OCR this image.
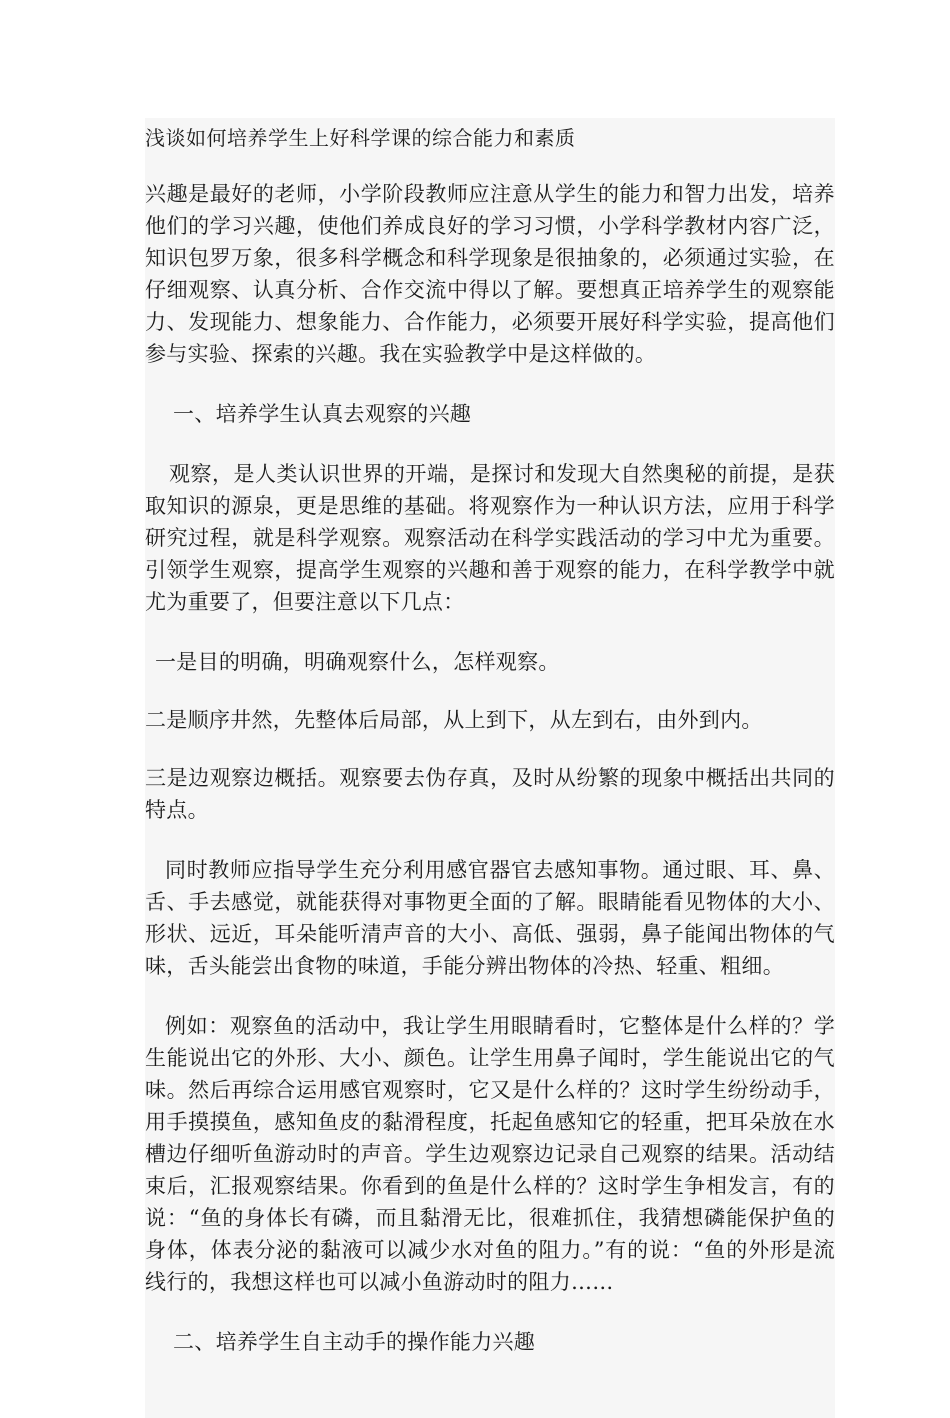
浅谈如何培养学生上好科学课的综合能力和素质
兴趣是最好的老师，小学阶段教师应注意从学生的能力和智力出发，培养他们的学习兴趣，使他们养成良好的学习习惯，小学科学教材内容广泛，知识包罗万象，很多科学概念和科学现象是很抽象的，必须通过实验，在仔细观察、认真分析、合作交流中得以了解。要想真正培养学生的观察能力、发现能力、想象能力、合作能力，必须要开展好科学实验，提高他们参与实验、探索的兴趣。我在实验教学中是这样做的。
一、培养学生认真去观察的兴趣
观察，是人类认识世界的开端，是探讨和发现大自然奥秘的前提，是获取知识的源泉，更是思维的基础。将观察作为一种认识方法，应用于科学研究过程，就是科学观察。观察活动在科学实践活动的学习中尤为重要。引领学生观察，提高学生观察的兴趣和善于观察的能力，在科学教学中就尤为重要了，但要注意以下几点：
一是目的明确，明确观察什么，怎样观察。
二是顺序井然，先整体后局部，从上到下，从左到右，由外到内。
三是边观察边概括。观察要去伪存真，及时从纷繁的现象中概括出共同的特点。
同时教师应指导学生充分利用感官器官去感知事物。通过眼、耳、鼻、舌、手去感觉，就能获得对事物更全面的了解。眼睛能看见物体的大小、形状、远近，耳朵能听清声音的大小、高低、强弱，鼻子能闻出物体的气味，舌头能尝出食物的味道，手能分辨出物体的冷热、轻重、粗细。
例如：观察鱼的活动中，我让学生用眼睛看时，它整体是什么样的？学生能说出它的外形、大小、颜色。让学生用鼻子闻时，学生能说出它的气味。然后再综合运用感官观察时，它又是什么样的？这时学生纷纷动手，用手摸摸鱼，感知鱼皮的黏滑程度，托起鱼感知它的轻重，把耳朵放在水槽边仔细听鱼游动时的声音。学生边观察边记录自己观察的结果。活动结束后，汇报观察结果。你看到的鱼是什么样的？这时学生争相发言，有的说：“鱼的身体长有磷，而且黏滑无比，很难抓住，我猜想磷能保护鱼的身体，体表分泌的黏液可以减少水对鱼的阻力。”有的说：“鱼的外形是流线行的，我想这样也可以减小鱼游动时的阻力……
二、培养学生自主动手的操作能力兴趣
